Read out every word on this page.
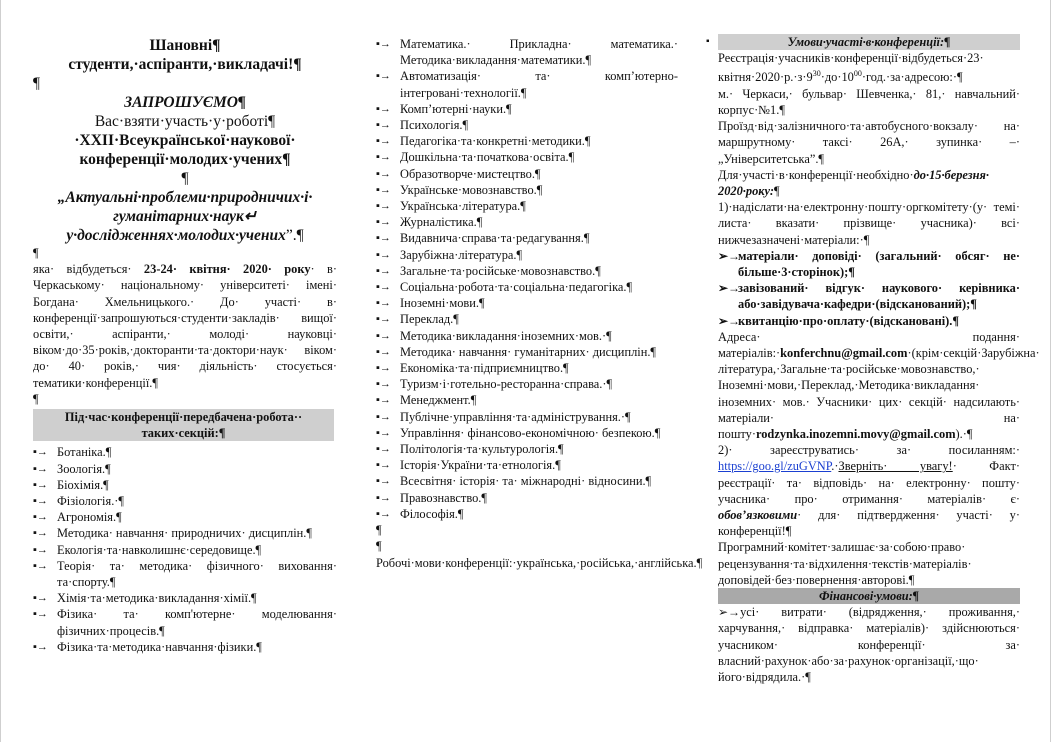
Шановні¶
студенти,·аспіранти,·викладачі!¶
¶
ЗАПРОШУЄМО¶
Вас·взяти·участь·у·роботі¶
·XXII·Всеукраїнської·наукової·
конференції·молодих·учених¶
¶
„Актуальні·проблеми·природничих·і·
гуманітарних·наук↵
у·дослідженнях·молодих·учених”.¶
¶
яка· відбудеться· 23-24· квітня· 2020· року· в· Черкаському· національному· університеті· імені· Богдана· Хмельницького.· До· участі· в· конференції·запрошуються·студенти·закладів· вищої· освіти,· аспіранти,· молоді· науковці· віком·до·35·років,·докторанти·та·доктори·наук· віком· до· 40· років,· чия· діяльність· стосується· тематики·конференції.¶
¶
Під·час·конференції·передбачена·робота··
таких·секцій:¶
▪→ Ботаніка.¶
▪→ Зоологія.¶
▪→ Біохімія.¶
▪→ Фізіологія.·¶
▪→ Агрономія.¶
▪→ Методика· навчання· природничих· дисциплін.¶
▪→ Екологія·та·навколишнє·середовище.¶
▪→ Теорія· та· методика· фізичного· виховання· та·спорту.¶
▪→ Хімія·та·методика·викладання·хімії.¶
▪→ Фізика· та· комп'ютерне· моделювання· фізичних·процесів.¶
▪→ Фізика·та·методика·навчання·фізики.¶
▪→ Математика.· Прикладна· математика.· Методика·викладання·математики.¶
▪→ Автоматизація· та· комп’ютерно-інтегровані·технології.¶
▪→ Комп’ютерні·науки.¶
▪→ Психологія.¶
▪→ Педагогіка·та·конкретні·методики.¶
▪→ Дошкільна·та·початкова·освіта.¶
▪→ Образотворче·мистецтво.¶
▪→ Українське·мовознавство.¶
▪→ Українська·література.¶
▪→ Журналістика.¶
▪→ Видавнича·справа·та·редагування.¶
▪→ Зарубіжна·література.¶
▪→ Загальне·та·російське·мовознавство.¶
▪→ Соціальна·робота·та·соціальна·педагогіка.¶
▪→ Іноземні·мови.¶
▪→ Переклад.¶
▪→ Методика·викладання·іноземних·мов.·¶
▪→ Методика· навчання· гуманітарних· дисциплін.¶
▪→ Економіка·та·підприємництво.¶
▪→ Туризм·і·готельно-ресторанна·справа.·¶
▪→ Менеджмент.¶
▪→ Публічне·управління·та·адміністрування.·¶
▪→ Управління· фінансово-економічною· безпекою.¶
▪→ Політологія·та·культурологія.¶
▪→ Історія·України·та·етнологія.¶
▪→ Всесвітня· історія· та· міжнародні· відносини.¶
▪→ Правознавство.¶
▪→ Філософія.¶
¶
¶
Робочі·мови·конференції:·українська,·російська,·англійська.¶
▪	Умови·участі·в·конференції:¶
Реєстрація·учасників·конференції·відбудеться·23· $квітня\cdot 2020\cdot р.\cdot з\cdot 9^{30}\cdot до\cdot 10^{00}\cdot год.\cdot за\cdot адресою:\cdot\P$
м.· Черкаси,· бульвар· Шевченка,· 81,· навчальний· корпус·№1.¶
Проїзд·від·залізничного·та·автобусного·вокзалу· на· маршрутному· таксі· 26А,· зупинка· –· „Університетська”.¶
Для·участі·в·конференції·необхідно·до·15·березня· 2020·року:¶
1)·надіслати·на·електронну·пошту·оргкомітету·(у· темі· листа· вказати· прізвище· учасника)· всі· нижчезазначені·матеріали:·¶
➢→
матеріали· доповіді· (загальний· обсяг· не· більше·3·сторінок);¶
➢→
завізований· відгук· наукового· керівника· або·завідувача·кафедри·(відсканований);¶
➢→
квитанцію·про·оплату·(відскановані).¶
Адреса· подання· матеріалів:·konferchnu@gmail.com·(крім·секцій·Зарубіжна· література,·Загальне·та·російське·мовознавство,· Іноземні·мови,·Переклад,·Методика·викладання· іноземних· мов.· Учасники· цих· секцій· надсилають· матеріали· на· пошту·rodzynka.inozemni.movy@gmail.com).·¶
2)· зареєструватись· за· посиланням:· https://goo.gl/zuGVNP.·Зверніть· увагу!· Факт· реєстрації· та· відповідь· на· електронну· пошту· учасника· про· отримання· матеріалів· є· обов’язковими· для· підтвердження· участі· у· конференції!¶
Програмний·комітет·залишає·за·собою·право· рецензування·та·відхилення·текстів·матеріалів· доповідей·без·повернення·авторові.¶
Фінансові·умови:¶
➢→усі· витрати· (відрядження,· проживання,· харчування,· відправка· матеріалів)· здійснюються· учасником· конференції· за· власний·рахунок·або·за·рахунок·організації,·що· його·відрядила.·¶
